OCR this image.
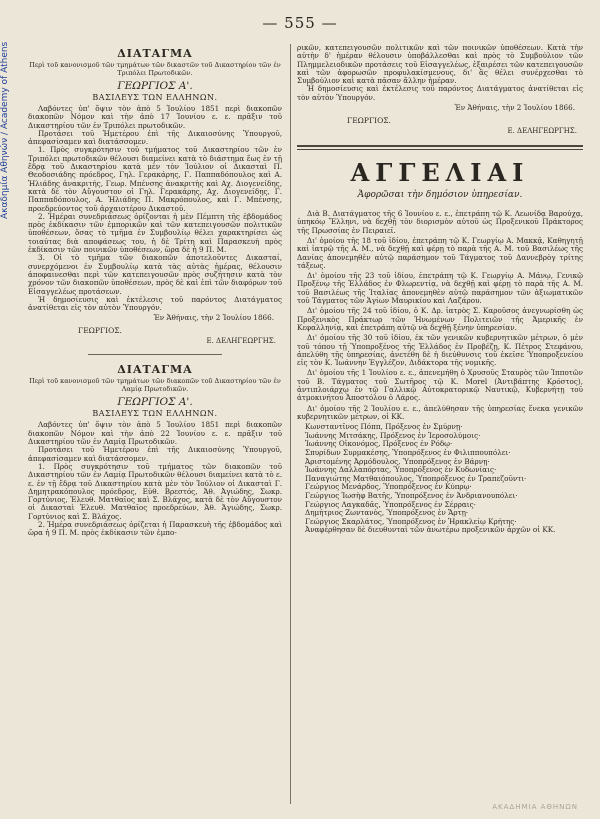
— 555 —
Ακαδημία Αθηνών / Academy of Athens	ΔΙΑΤΑΓΜΑ
Περὶ τοῦ κανονισμοῦ τῶν τμημάτων τῶν δικαστῶν τοῦ Δικαστηρίου τῶν ἐν Τριπόλει Πρωτοδικῶν.
ΓΕΩΡΓΙΟΣ Α'.
ΒΑΣΙΛΕΥΣ ΤΩΝ ΕΛΛΗΝΩΝ.

Λαβόντες ὑπ' ὄψιν τὸν ἀπὸ 5 Ἰουλίου 1851 περὶ διακοπῶν διακοπῶν Νόμον καὶ τὴν ἀπὸ 17 Ἰουνίου ε. ε. πρᾶξιν τοῦ Δικαστηρίου τῶν ἐν Τριπόλει πρωτοδικῶν.

Προτάσει τοῦ Ἡμετέρου ἐπὶ τῆς Δικαιοσύνης Ὑπουργοῦ, ἀπεφασίσαμεν καὶ διατάσσομεν.

1. Πρὸς συγκρότησιν τοῦ τμήματος τοῦ Δικαστηρίου τῶν ἐν Τριπόλει πρωτοδικῶν θέλουσι διαμείνει κατὰ τὸ διάστημα ἕως ἐν τῇ ἕδρᾳ τοῦ Δικαστηρίου κατὰ μὲν τὸν Ἰούλιον οἱ Δικασταὶ Π. Θεοδοσιάδης πρόεδρος, Γηλ. Γερακάρης, Γ. Παππαδόπουλος καὶ Α. Ἠλιάδης ἀνακριτής, Γεωρ. Μπένσης ἀνακριτὴς καὶ Αχ. Διογενείδης, κατὰ δὲ τὸν Αὔγουστον οἱ Γηλ. Γερακάρης, Αχ. Διογενείδης, Γ. Παππαδόπουλος, Α. Ἠλιάδης Π. Μακρόπουλος, καὶ Γ. Μπένσης, προεδρεύοντος τοῦ ἀρχαιοτέρου Δικαστοῦ.

2. Ἡμέραι συνεδριάσεως ὁρίζονται ἡ μὲν Πέμπτη τῆς ἑβδομάδος πρὸς ἐκδίκασιν τῶν ἐμπορικῶν καὶ τῶν κατεπειγουσῶν πολιτικῶν ὑποθέσεων, ὅσας τὸ τμῆμα ἐν Συμβουλίῳ θέλει χαρακτηρίσει ὡς τοιαύτας διὰ αποφάσεως του, ἡ δὲ Τρίτη καὶ Παρασκευὴ πρὸς ἐκδίκασιν τῶν ποινικῶν ὑποθέσεων, ὥρα δὲ ἡ 9 Π. Μ.

3. Οἱ τὸ τμῆμα τῶν διακοπῶν ἀποτελοῦντες Δικασταί, συνερχόμενοι ἐν Συμβουλίῳ κατὰ τὰς αὐτὰς ἡμέρας, θέλουσιν ἀποφαινεσθαι περὶ τῶν κατεπειγουσῶν πρὸς συζήτησιν κατὰ τὸν χρόνον τῶν διακοπῶν ὑποθέσεων, πρὸς δὲ καὶ ἐπὶ τῶν διαφόρων τοῦ Εἰσαγγελέως προτάσεων.

Ἡ δημοσίευσις καὶ ἐκτέλεσις τοῦ παρόντος Διατάγματος ἀνατίθεται εἰς τὸν αὐτὸν Ὑπουργόν.

Ἐν Ἀθήναις, τὴν 2 Ἰουλίου 1866.
ΓΕΩΡΓΙΟΣ.
Ε. ΔΕΛΗΓΕΩΡΓΗΣ.
ΔΙΑΤΑΓΜΑ
Περὶ τοῦ κανονισμοῦ τῶν τμημάτων τῶν διακοπῶν τοῦ Δικαστηρίου τῶν ἐν Λαμίᾳ Πρωτοδικῶν.
ΓΕΩΡΓΙΟΣ Α'.
ΒΑΣΙΛΕΥΣ ΤΩΝ ΕΛΛΗΝΩΝ.

Λαβόντες ὑπ' ὄψιν τὸν ἀπὸ 5 Ἰουλίου 1851 περὶ διακοπῶν διακοπῶν Νόμον καὶ τὴν ἀπὸ 22 Ἰουνίου ε. ε. πρᾶξιν τοῦ Δικαστηρίου τῶν ἐν Λαμίᾳ Πρωτοδικῶν.

Προτάσει τοῦ Ἡμετέρου ἐπὶ τῆς Δικαιοσύνης Ὑπουργοῦ, ἀπεφασίσαμεν καὶ διατάσσομεν.

1. Πρὸς συγκρότησιν τοῦ τμήματος τῶν διακοπῶν τοῦ Δικαστηρίου τῶν ἐν Λαμίᾳ Πρωτοδικῶν θέλουσι διαμείνει κατὰ τὸ ε. ε. ἐν τῇ ἕδρᾳ τοῦ Δικαστηρίου κατὰ μὲν τὸν Ἰούλιον οἱ Δικασταὶ Γ. Δημητρακόπουλος πρόεδρος, Εὐθ. Βρεστός, Ἀθ. Ἀγιώδης, Σωκρ. Γορτύνιος, Ἐλευθ. Ματθαῖος καὶ Σ. Βλάχος, κατὰ δὲ τὸν Αὔγουστον οἱ Δικασταὶ Ἐλευθ. Ματθαῖος προεδρεύων, Ἀθ. Ἀγιώδης, Σωκρ. Γορτύνιος καὶ Σ. Βλάχος.

2. Ἡμέρα συνεδριάσεως ὁρίζεται ἡ Παρασκευὴ τῆς ἑβδομάδος καὶ ὥρα ἡ 9 Π. Μ. πρὸς ἐκδίκασιν τῶν ἐμπο-

ρικῶν, κατεπειγουσῶν πολιτικῶν καὶ τῶν ποινικῶν ὑποθέσεων. Κατὰ τὴν αὐτὴν δ' ἡμέραν θέλουσιν ὑποβάλλεσθαι καὶ πρὸς τὸ Συμβούλιον τῶν Πλημμελειοδικῶν προτάσεις τοῦ Εἰσαγγελέως, ἐξαιρέσει τῶν κατεπειγουσῶν καὶ τῶν ἀφορωσῶν προφυλακίσμενους, δι' ἃς θέλει συνέρχεσθαι τὸ Συμβούλιον καὶ κατὰ πᾶσαν ἄλλην ἡμέραν.

Ἡ δημοσίευσις καὶ ἐκτέλεσις τοῦ παρόντος Διατάγματος ἀνατίθεται εἰς τὸν αὐτὸν Ὑπουργόν.

Ἐν Ἀθήναις, τὴν 2 Ἰουλίου 1866.
ΓΕΩΡΓΙΟΣ.
Ε. ΔΕΛΗΓΕΩΡΓΗΣ.
ΑΓΓΕΛΙΑΙ
Ἀφορῶσαι τὴν δημόσιον ὑπηρεσίαν.

Διὰ Β. Διατάγματος τῆς 6 Ἰουνίου ε. ε., ἐπετράπη τῷ Κ. Λεωνίδᾳ Βαρούχᾳ, ὑπηκόῳ Ἕλληνι, νὰ δεχθῇ τὸν διορισμὸν αὐτοῦ ὡς Προξενικοῦ Πράκτορος τῆς Πρωσσίας ἐν Πειραιεῖ.

Δι' ὁμοίου τῆς 18 τοῦ ἰδίου, ἐπετράπη τῷ Κ. Γεωργίῳ Α. Μακκᾷ, Καθηγητῇ καὶ ἰατρῷ τῆς Α. Μ., νὰ δεχθῇ καὶ φέρῃ τὸ παρὰ τῆς Α. Μ. τοῦ Βασιλέως τῆς Δανίας ἀπονεμηθὲν αὐτῷ παράσημον τοῦ Τάγματος τοῦ Δαννεβρὸγ τρίτης τάξεως.

Δι' ὁμοίου τῆς 23 τοῦ ἰδίου, ἐπετράπη τῷ Κ. Γεωργίῳ Α. Μάνῳ, Γενικῷ Προξένῳ τῆς Ἑλλάδος ἐν Φλωρεντίᾳ, νὰ δεχθῇ καὶ φέρῃ τὸ παρὰ τῆς Α. Μ. τοῦ Βασιλέως τῆς Ἰταλίας ἀπονεμηθὲν αὐτῷ παράσημον τῶν ἀξιωματικῶν τοῦ Τάγματος τῶν Ἁγίων Μαυρικίου καὶ Λαζάρου.

Δι' ὁμοίου τῆς 24 τοῦ ἰδίου, ὁ Κ. Δρ. ἰατρὸς Σ. Καροῦσος ἀνεγνωρίσθη ὡς Προξενικὸς Πράκτωρ τῶν Ἡνωμένων Πολιτειῶν τῆς Ἀμερικῆς ἐν Κεφαλληνίᾳ, καὶ ἐπετράπη αὐτῷ νὰ δεχθῇ ξένην ὑπηρεσίαν.

Δι' ὁμοίου τῆς 30 τοῦ ἰδίου, ἐκ τῶν γενικῶν κυβερνητικῶν μέτρων, ὁ μὲν τοῦ τόπου τῇ Ὑποπροξένος τῆς Ἑλλάδος ἐν Προβέζῃ, Κ. Πέτρος Στεφάνου, ἀπελύθη τῆς ὑπηρεσίας, ἀνετέθη δὲ ἡ διεύθυνσις τοῦ ἐκεῖσε Ὑποπροξενείου εἰς τὸν Κ. Ἰωάννην Ἐγγλέζον, Διδάκτορα τῆς νομικῆς.

Δι' ὁμοίου τῆς 1 Ἰουλίου ε. ε., ἀπενεμήθη ὁ Χρυσοῦς Σταυρὸς τῶν Ἱπποτῶν τοῦ Β. Τάγματος τοῦ Σωτῆρος τῷ Κ. Morel (Ἀντιβάπτης Κρόστος), ἀντιπλοιάρχῳ ἐν τῷ Γαλλικῷ Αὐτοκρατορικῷ Ναυτικῷ, Κυβερνήτῃ τοῦ ἀτμοκινήτου Ἀποστόλου ὁ Λάρος.

Δι' ὁμοίου τῆς 2 Ἰουλίου ε. ε., ἀπελύθησαν τῆς ὑπηρεσίας ἕνεκα γενικῶν κυβερνητικῶν μέτρων, οἱ ΚΚ.

Κωνσταντῖνος Πόππ, Πρόξενος ἐν Σμύρνῃ·
Ἰωάννης Μιτσάκης, Πρόξενος ἐν Ἱεροσολύμοις·
Ἰωάννης Οἰκονόμος, Πρόξενος ἐν Ρόδῳ·
Σπυρίδων Συρμακέσης, Ὑποπρόξενος ἐν Φιλιππουπόλει·
Ἀριστομένης Ἀρμόδουλος, Ὑποπρόξενος ἐν Βάρνῃ·
Ἰωάννης Δαλλαπόρτας, Ὑποπρόξενος ἐν Κυδωνίαις·
Παναγιώτης Ματθαιόπουλος, Ὑποπρόξενος ἐν Τραπεζοῦντι·
Γεώργιος Μενάρδος, Ὑποπρόξενος ἐν Κύπρῳ·
Γεώργιος Ἰωσὴφ Βατῆς, Ὑποπρόξενος ἐν Ἀνδριανουπόλει·
Γεώργιος Λαγκαδᾶς, Ὑποπρόξενος ἐν Σέρραις·
Δημήτριος Ζωντανὸς, Ὑποπρόξενος ἐν Ἄρτῃ·
Γεώργιος Σκαρλάτος, Ὑποπρόξενος ἐν Ἡρακλείῳ Κρήτης·
Ἀναφέρθησαν δὲ διευθυνταὶ τῶν ἀνωτέρω προξενικῶν ἀρχῶν οἱ ΚΚ.
ΑΚΑΔΗΜΙΑ ΑΘΗΝΩΝ
